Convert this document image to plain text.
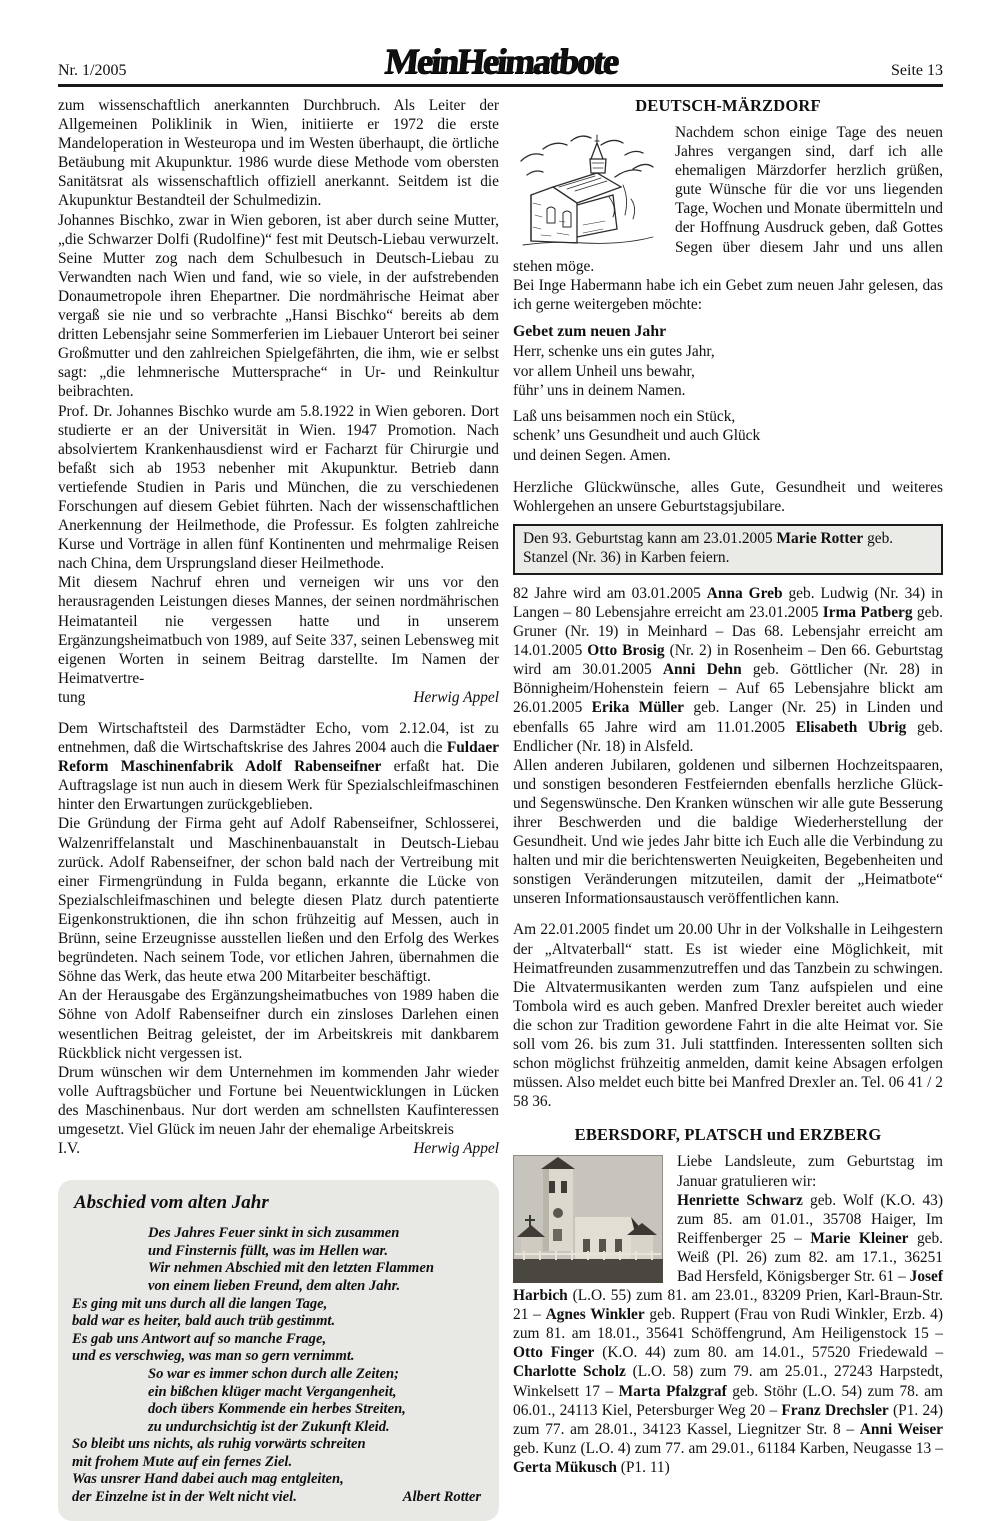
Nr. 1/2005	MeinHeimatbote	Seite 13

zum wissenschaftlich anerkannten Durchbruch. Als Leiter der Allgemeinen Poliklinik in Wien, initiierte er 1972 die erste Mandeloperation in Westeuropa und im Westen überhaupt, die örtliche Betäubung mit Akupunktur. 1986 wurde diese Methode vom obersten Sanitätsrat als wissenschaftlich offiziell anerkannt. Seitdem ist die Akupunktur Bestandteil der Schulmedizin.

Johannes Bischko, zwar in Wien geboren, ist aber durch seine Mutter, „die Schwarzer Dolfi (Rudolfine)“ fest mit Deutsch-Liebau verwurzelt. Seine Mutter zog nach dem Schulbesuch in Deutsch-Liebau zu Verwandten nach Wien und fand, wie so viele, in der aufstrebenden Donaumetropole ihren Ehepartner. Die nordmährische Heimat aber vergaß sie nie und so verbrachte „Hansi Bischko“ bereits ab dem dritten Lebensjahr seine Sommerferien im Liebauer Unterort bei seiner Großmutter und den zahlreichen Spielgefährten, die ihm, wie er selbst sagt: „die lehmnerische Muttersprache“ in Ur- und Reinkultur beibrachten.

Prof. Dr. Johannes Bischko wurde am 5.8.1922 in Wien geboren. Dort studierte er an der Universität in Wien. 1947 Promotion. Nach absolviertem Krankenhausdienst wird er Facharzt für Chirurgie und befaßt sich ab 1953 nebenher mit Akupunktur. Betrieb dann vertiefende Studien in Paris und München, die zu verschiedenen Forschungen auf diesem Gebiet führten. Nach der wissenschaftlichen Anerkennung der Heilmethode, die Professur. Es folgten zahlreiche Kurse und Vorträge in allen fünf Kontinenten und mehrmalige Reisen nach China, dem Ursprungsland dieser Heilmethode.

Mit diesem Nachruf ehren und verneigen wir uns vor den herausragenden Leistungen dieses Mannes, der seinen nordmährischen Heimatanteil nie vergessen hatte und in unserem Ergänzungsheimatbuch von 1989, auf Seite 337, seinen Lebensweg mit eigenen Worten in seinem Beitrag darstellte. Im Namen der Heimatvertre-

tung	Herwig Appel

Dem Wirtschaftsteil des Darmstädter Echo, vom 2.12.04, ist zu entnehmen, daß die Wirtschaftskrise des Jahres 2004 auch die Fuldaer Reform Maschinenfabrik Adolf Rabenseifner erfaßt hat. Die Auftragslage ist nun auch in diesem Werk für Spezialschleifmaschinen hinter den Erwartungen zurückgeblieben.

Die Gründung der Firma geht auf Adolf Rabenseifner, Schlosserei, Walzenriffelanstalt und Maschinenbauanstalt in Deutsch-Liebau zurück. Adolf Rabenseifner, der schon bald nach der Vertreibung mit einer Firmengründung in Fulda begann, erkannte die Lücke von Spezialschleifmaschinen und belegte diesen Platz durch patentierte Eigenkonstruktionen, die ihn schon frühzeitig auf Messen, auch in Brünn, seine Erzeugnisse ausstellen ließen und den Erfolg des Werkes begründeten. Nach seinem Tode, vor etlichen Jahren, übernahmen die Söhne das Werk, das heute etwa 200 Mitarbeiter beschäftigt.

An der Herausgabe des Ergänzungsheimatbuches von 1989 haben die Söhne von Adolf Rabenseifner durch ein zinsloses Darlehen einen wesentlichen Beitrag geleistet, der im Arbeitskreis mit dankbarem Rückblick nicht vergessen ist.

Drum wünschen wir dem Unternehmen im kommenden Jahr wieder volle Auftragsbücher und Fortune bei Neuentwicklungen in Lücken des Maschinenbaus. Nur dort werden am schnellsten Kaufinteressen umgesetzt. Viel Glück im neuen Jahr der ehemalige Arbeitskreis

I.V.	Herwig Appel
Abschied vom alten Jahr
Des Jahres Feuer sinkt in sich zusammen
und Finsternis füllt, was im Hellen war.
Wir nehmen Abschied mit den letzten Flammen
von einem lieben Freund, dem alten Jahr.
Es ging mit uns durch all die langen Tage,
bald war es heiter, bald auch trüb gestimmt.
Es gab uns Antwort auf so manche Frage,
und es verschwieg, was man so gern vernimmt.
So war es immer schon durch alle Zeiten;
ein bißchen klüger macht Vergangenheit,
doch übers Kommende ein herbes Streiten,
zu undurchsichtig ist der Zukunft Kleid.
So bleibt uns nichts, als ruhig vorwärts schreiten
mit frohem Mute auf ein fernes Ziel.
Was unsrer Hand dabei auch mag entgleiten,
der Einzelne ist in der Welt nicht viel.	Albert Rotter
DEUTSCH-MÄRZDORF

Nachdem schon einige Tage des neuen Jahres vergangen sind, darf ich alle ehemaligen Märzdorfer herzlich grüßen, gute Wünsche für die vor uns liegenden Tage, Wochen und Monate übermitteln und der Hoffnung Ausdruck geben, daß Gottes Segen über diesem Jahr und uns allen stehen möge.

Bei Inge Habermann habe ich ein Gebet zum neuen Jahr gelesen, das ich gerne weitergeben möchte:

Gebet zum neuen Jahr
Herr, schenke uns ein gutes Jahr,
vor allem Unheil uns bewahr,
führ’ uns in deinem Namen.
Laß uns beisammen noch ein Stück,
schenk’ uns Gesundheit und auch Glück
und deinen Segen. Amen.

Herzliche Glückwünsche, alles Gute, Gesundheit und weiteres Wohlergehen an unsere Geburtstagsjubilare.

Den 93. Geburtstag kann am 23.01.2005 Marie Rotter geb. Stanzel (Nr. 36) in Karben feiern.

82 Jahre wird am 03.01.2005 Anna Greb geb. Ludwig (Nr. 34) in Langen – 80 Lebensjahre erreicht am 23.01.2005 Irma Patberg geb. Gruner (Nr. 19) in Meinhard – Das 68. Lebensjahr erreicht am 14.01.2005 Otto Brosig (Nr. 2) in Rosenheim – Den 66. Geburtstag wird am 30.01.2005 Anni Dehn geb. Göttlicher (Nr. 28) in Bönnigheim/Hohenstein feiern – Auf 65 Lebensjahre blickt am 26.01.2005 Erika Müller geb. Langer (Nr. 25) in Linden und ebenfalls 65 Jahre wird am 11.01.2005 Elisabeth Ubrig geb. Endlicher (Nr. 18) in Alsfeld.

Allen anderen Jubilaren, goldenen und silbernen Hochzeitspaaren, und sonstigen besonderen Festfeiernden ebenfalls herzliche Glück- und Segenswünsche. Den Kranken wünschen wir alle gute Besserung ihrer Beschwerden und die baldige Wiederherstellung der Gesundheit. Und wie jedes Jahr bitte ich Euch alle die Verbindung zu halten und mir die berichtenswerten Neuigkeiten, Begebenheiten und sonstigen Veränderungen mitzuteilen, damit der „Heimatbote“ unseren Informationsaustausch veröffentlichen kann.

Am 22.01.2005 findet um 20.00 Uhr in der Volkshalle in Leihgestern der „Altvaterball“ statt. Es ist wieder eine Möglichkeit, mit Heimatfreunden zusammenzutreffen und das Tanzbein zu schwingen. Die Altvatermusikanten werden zum Tanz aufspielen und eine Tombola wird es auch geben. Manfred Drexler bereitet auch wieder die schon zur Tradition gewordene Fahrt in die alte Heimat vor. Sie soll vom 26. bis zum 31. Juli stattfinden. Interessenten sollten sich schon möglichst frühzeitig anmelden, damit keine Absagen erfolgen müssen. Also meldet euch bitte bei Manfred Drexler an. Tel. 06 41 / 2 58 36.

EBERSDORF, PLATSCH und ERZBERG

Liebe Landsleute, zum Geburtstag im Januar gratulieren wir:

Henriette Schwarz geb. Wolf (K.O. 43) zum 85. am 01.01., 35708 Haiger, Im Reiffenberger 25 – Marie Kleiner geb. Weiß (Pl. 26) zum 82. am 17.1., 36251 Bad Hersfeld, Königsberger Str. 61 – Josef Harbich (L.O. 55) zum 81. am 23.01., 83209 Prien, Karl-Braun-Str. 21 – Agnes Winkler geb. Ruppert (Frau von Rudi Winkler, Erzb. 4) zum 81. am 18.01., 35641 Schöffengrund, Am Heiligenstock 15 – Otto Finger (K.O. 44) zum 80. am 14.01., 57520 Friedewald – Charlotte Scholz (L.O. 58) zum 79. am 25.01., 27243 Harpstedt, Winkelsett 17 – Marta Pfalzgraf geb. Stöhr (L.O. 54) zum 78. am 06.01., 24113 Kiel, Petersburger Weg 20 – Franz Drechsler (P1. 24) zum 77. am 28.01., 34123 Kassel, Liegnitzer Str. 8 – Anni Weiser geb. Kunz (L.O. 4) zum 77. am 29.01., 61184 Karben, Neugasse 13 – Gerta Mükusch (P1. 11)
